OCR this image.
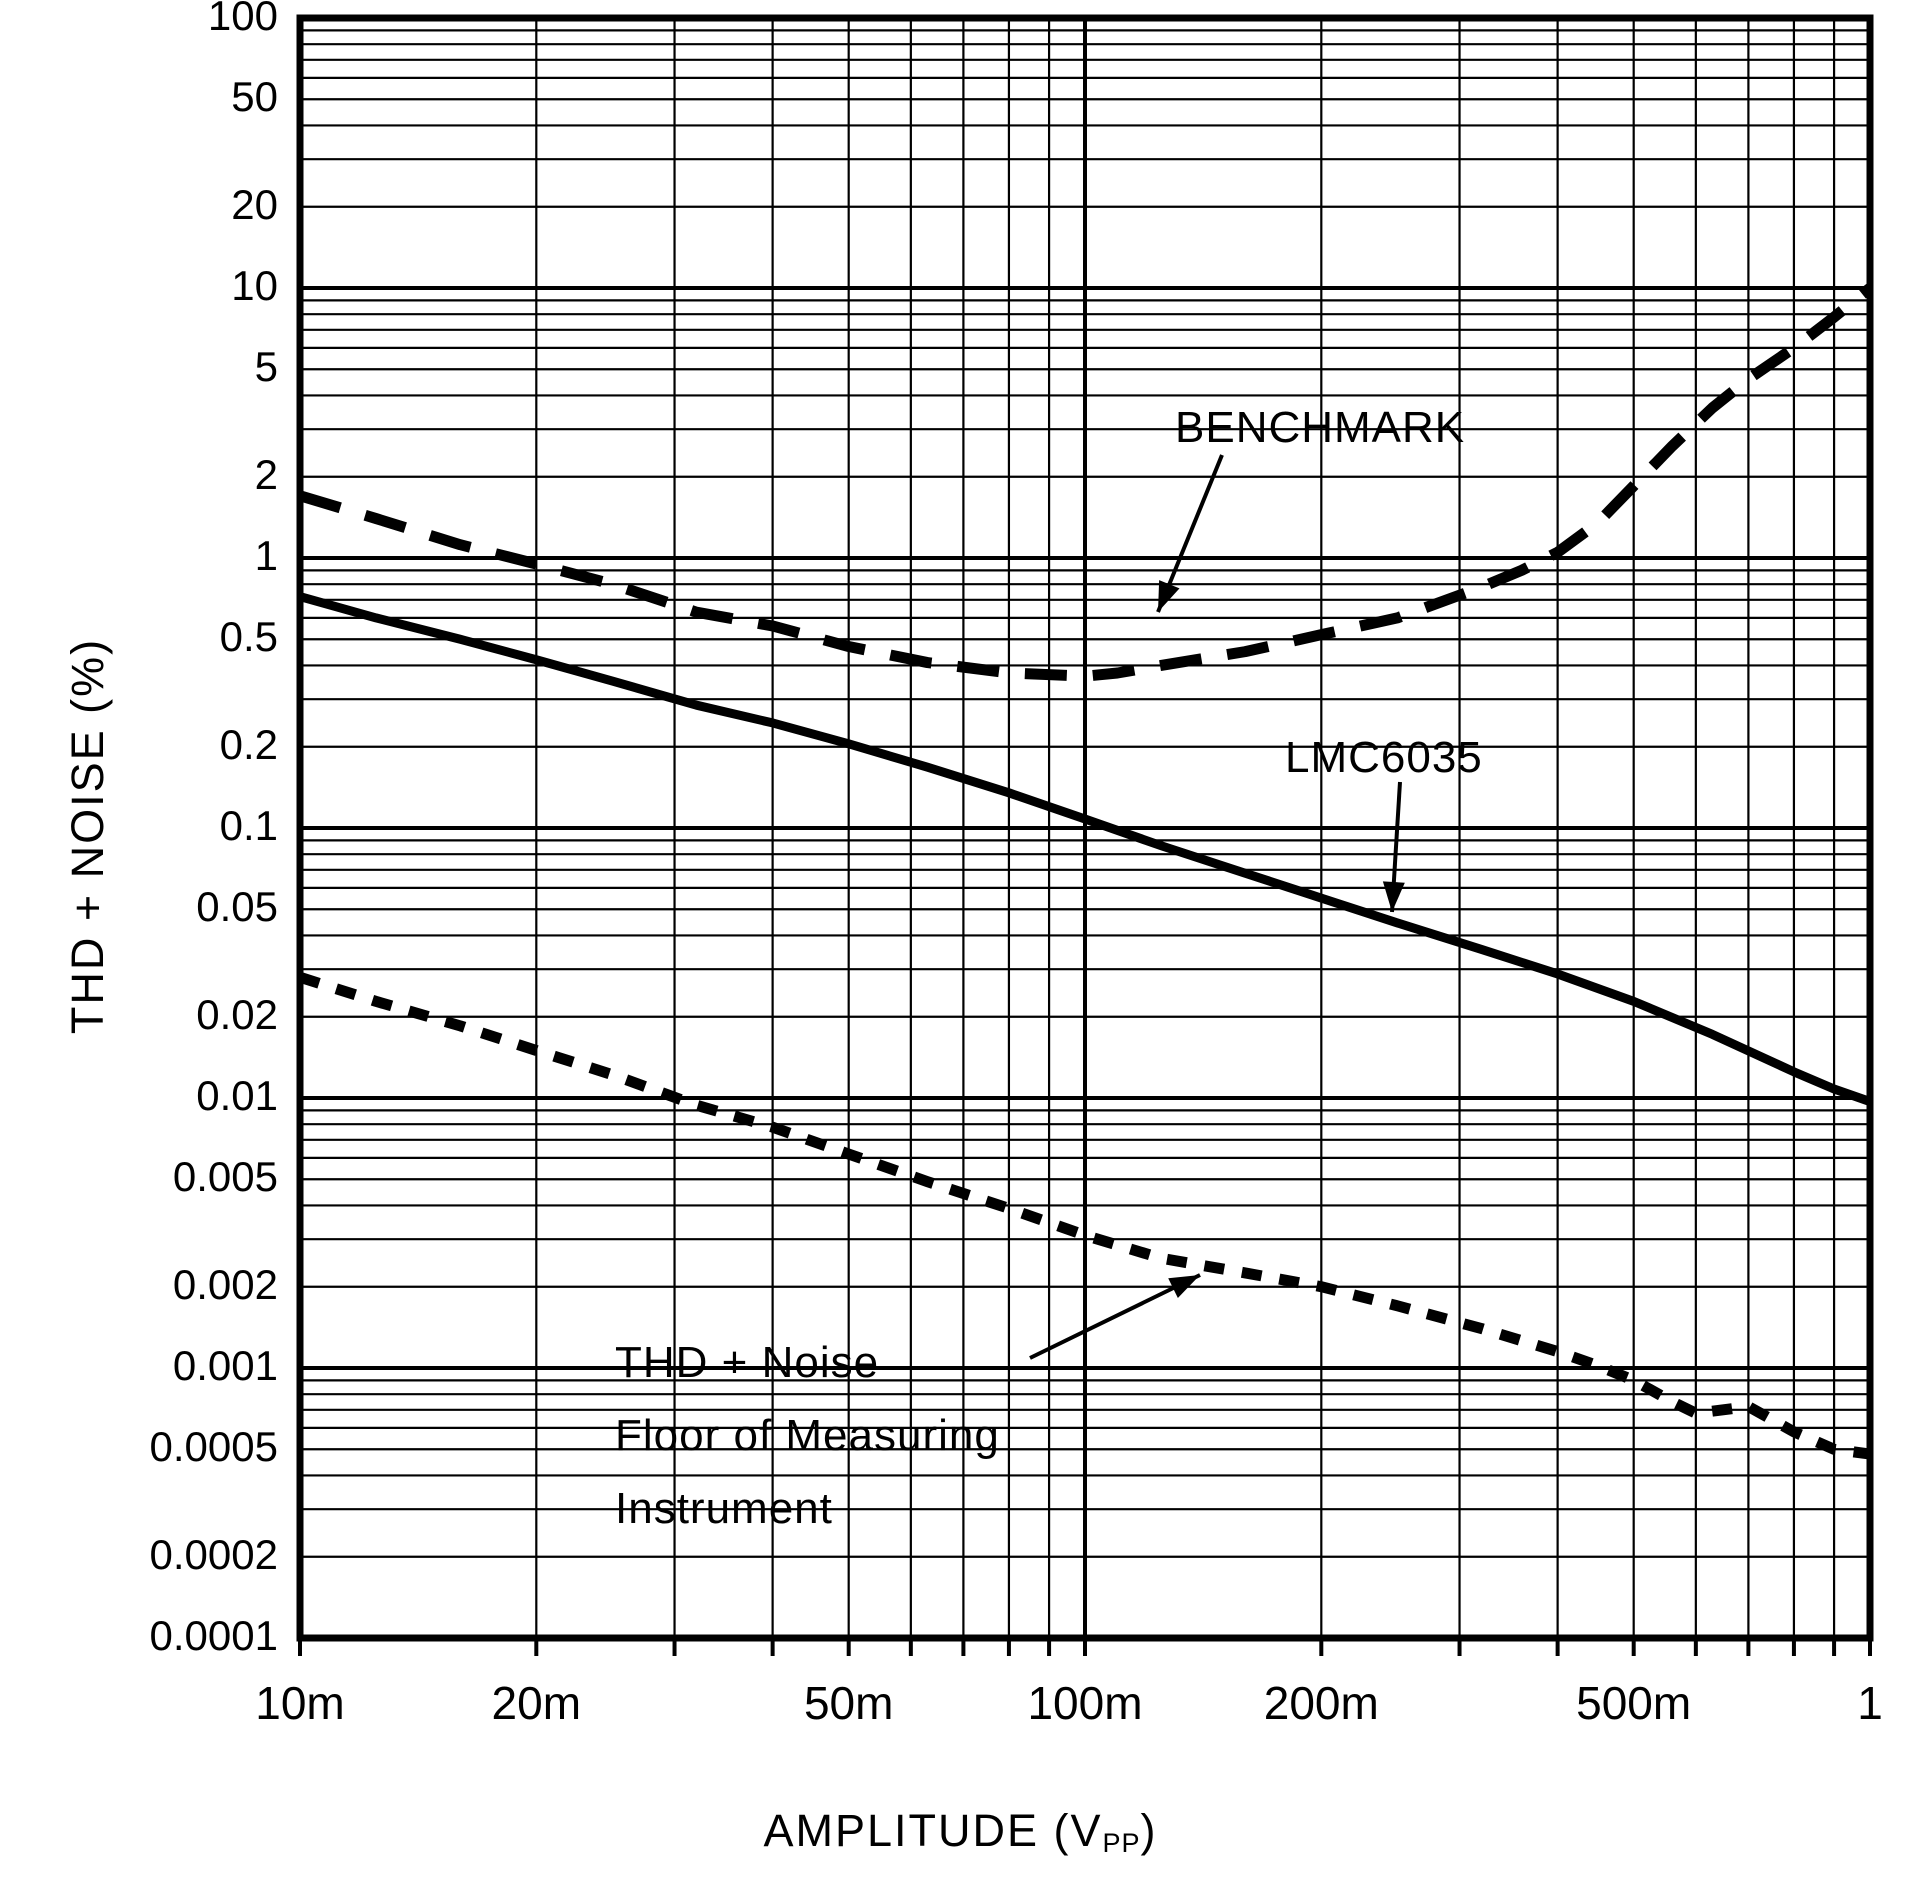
THD + NOISE (%)
AMPLITUDE $(V_{PP})$
100
50
20
10
5
2
1
0.5
0.2
0.1
0.05
0.02
0.01
0.005
0.002
0.001
0.0005
0.0002
0.0001
10m	20m	50m	100m	200m	500m	1
BENCHMARK
LMC6035
THD + Noise
Floor of Measuring
Instrument
